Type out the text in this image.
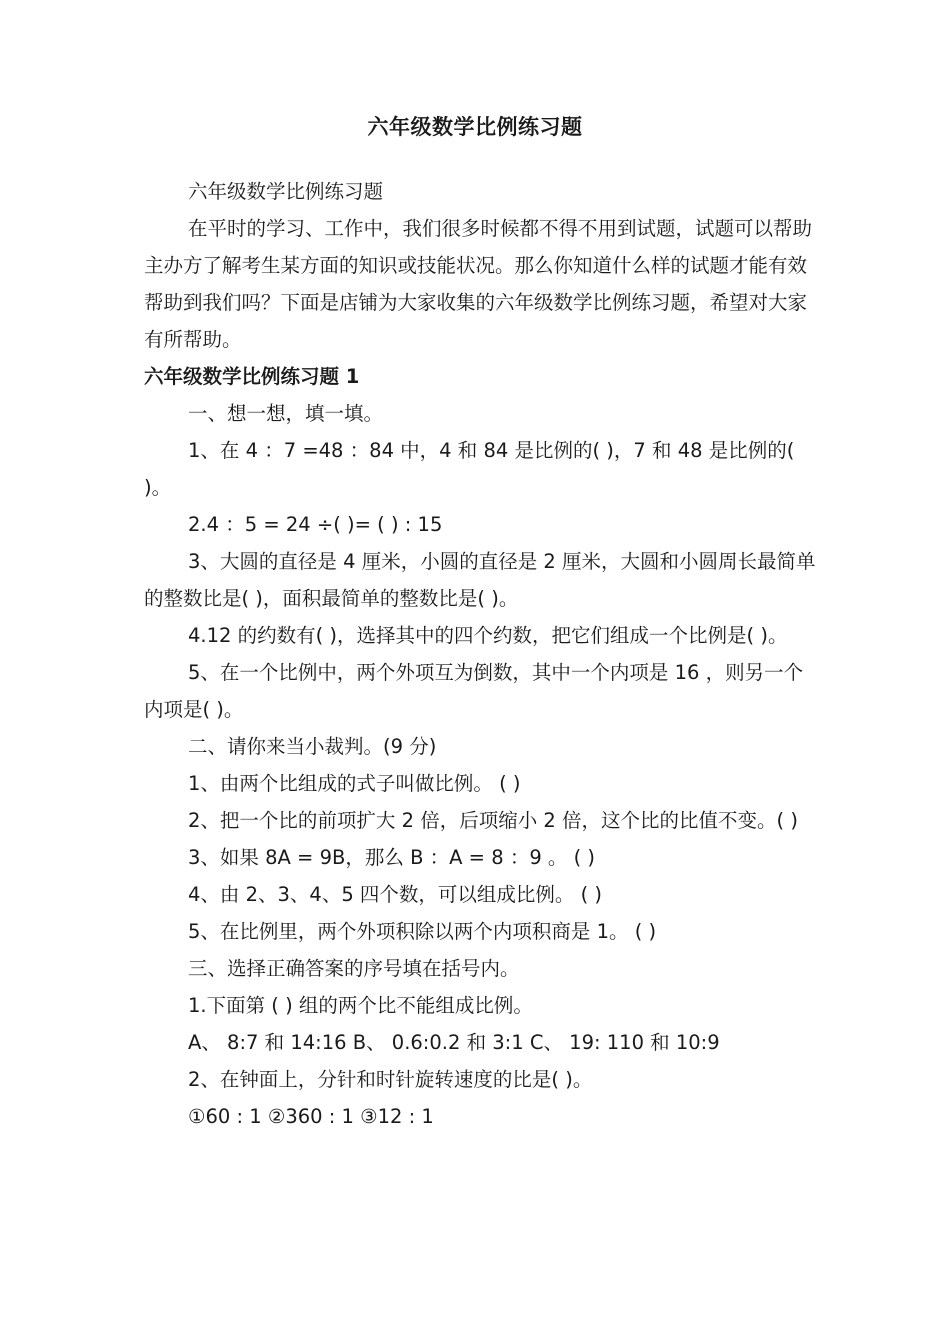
六年级数学比例练习题

六年级数学比例练习题

在平时的学习、工作中，我们很多时候都不得不用到试题，试题可以帮助主办方了解考生某方面的知识或技能状况。那么你知道什么样的试题才能有效帮助到我们吗？下面是店铺为大家收集的六年级数学比例练习题，希望对大家有所帮助。

六年级数学比例练习题 1

一、想一想，填一填。

1、在 4 ：7 =48 ：84 中，4 和 84 是比例的( )，7 和 48 是比例的( )。

2.4 ：5 = 24 ÷( )= ( ) : 15

3、大圆的直径是 4 厘米，小圆的直径是 2 厘米，大圆和小圆周长最简单的整数比是( )，面积最简单的整数比是( )。

4.12 的约数有( )，选择其中的四个约数，把它们组成一个比例是( )。

5、在一个比例中，两个外项互为倒数，其中一个内项是 16 ，则另一个内项是( )。

二、请你来当小裁判。(9 分)

1、由两个比组成的式子叫做比例。 ( )

2、把一个比的前项扩大 2 倍，后项缩小 2 倍，这个比的比值不变。( )

3、如果 8A = 9B，那么 B ：A = 8 ：9 。 ( )

4、由 2、3、4、5 四个数，可以组成比例。 ( )

5、在比例里，两个外项积除以两个内项积商是 1。 ( )

三、选择正确答案的序号填在括号内。

1.下面第 ( ) 组的两个比不能组成比例。

A、 8:7 和 14:16 B、 0.6:0.2 和 3:1 C、 19: 110 和 10:9

2、在钟面上，分针和时针旋转速度的比是( )。

①60 : 1 ②360 : 1 ③12 : 1
